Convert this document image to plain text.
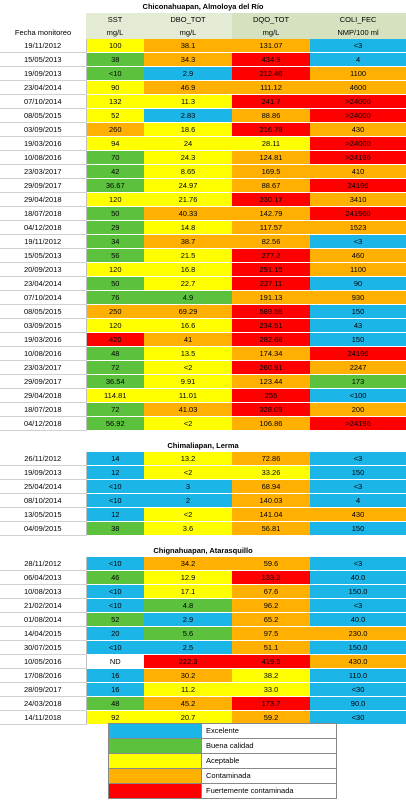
Chiconahuapan, Almoloya del Río				
	SST	DBO_TOT	DQO_TOT	COLI_FEC
Fecha monitoreo	mg/L	mg/L	mg/L	NMP/100 ml
19/11/2012	100	38.1	131.07	<3
15/05/2013	38	34.3	434.9	4
19/09/2013	<10	2.9	212.46	1100
23/04/2014	90	46.9	111.12	4600
07/10/2014	132	11.3	241.7	>24000
08/05/2015	52	2.83	88.86	>24000
03/09/2015	260	18.6	216.78	430
19/03/2016	94	24	28.11	>24000
10/08/2016	70	24.3	124.81	>24196
23/03/2017	42	8.65	169.5	410
29/09/2017	36.67	24.97	88.67	24196
29/04/2018	120	21.76	230.17	3410
18/07/2018	50	40.33	142.79	241960
04/12/2018	29	14.8	117.57	1523
19/11/2012	34	38.7	82.56	<3
15/05/2013	56	21.5	277.2	460
20/09/2013	120	16.8	291.15	1100
23/04/2014	50	22.7	227.11	90
07/10/2014	76	4.9	191.13	930
08/05/2015	250	69.29	589.58	150
03/09/2015	120	16.6	234.51	43
19/03/2016	420	41	282.68	150
10/08/2016	48	13.5	174.34	24196
23/03/2017	72	<2	260.91	2247
29/09/2017	36.54	9.91	123.44	173
29/04/2018	114.81	11.01	255	<100
18/07/2018	72	41.03	328.09	200
04/12/2018	56.92	<2	106.86	>24196

Chimaliapan, Lerma				
26/11/2012	14	13.2	72.86	<3
19/09/2013	12	<2	33.26	150
25/04/2014	<10	3	68.94	<3
08/10/2014	<10	2	140.03	4
13/05/2015	12	<2	141.04	430
04/09/2015	38	3.6	56.81	150

Chignahuapan, Atarasquillo				
28/11/2012	<10	34.2	59.6	<3
06/04/2013	46	12.9	133.2	40.0
10/08/2013	<10	17.1	67.6	150.0
21/02/2014	<10	4.8	96.2	<3
01/08/2014	52	2.9	65.2	40.0
14/04/2015	20	5.6	97.5	230.0
30/07/2015	<10	2.5	51.1	150.0
10/05/2016	ND	222.3	419.5	430.0
17/08/2016	16	30.2	38.2	110.0
28/09/2017	16	11.2	33.0	<30
24/03/2018	48	45.2	173.7	90.0
14/11/2018	92	20.7	59.2	<30
	Excelente
	Buena calidad
	Aceptable
	Contaminada
	Fuertemente contaminada
